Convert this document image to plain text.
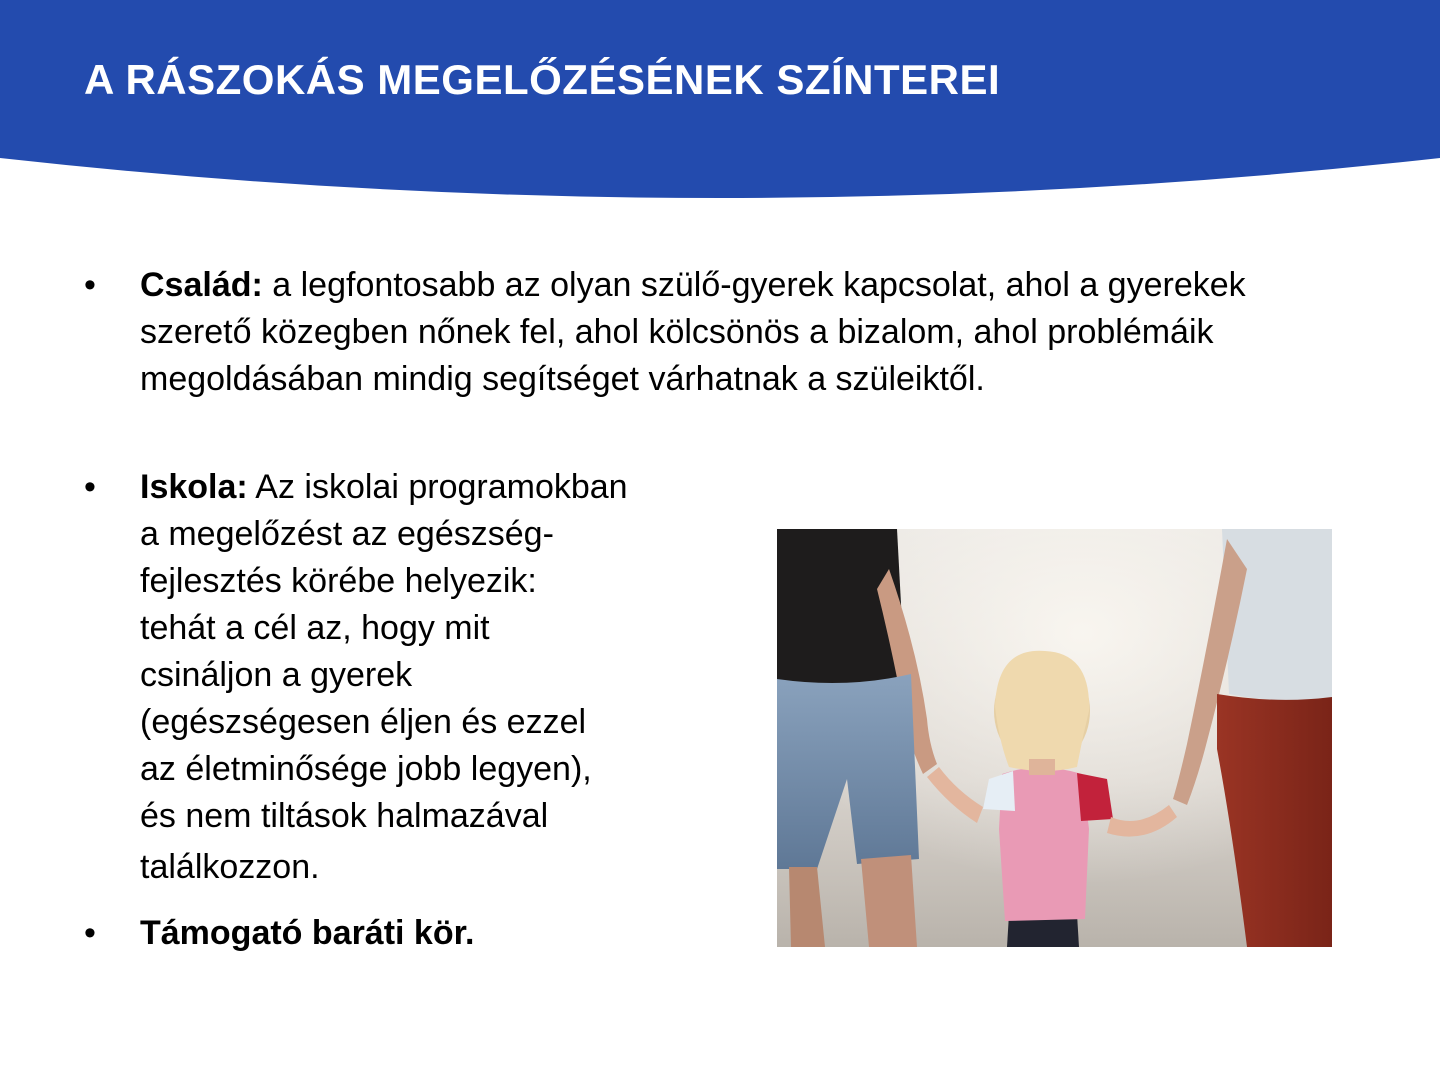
A RÁSZOKÁS MEGELŐZÉSÉNEK SZÍNTEREI
• Család: a legfontosabb az olyan szülő-gyerek kapcsolat, ahol a gyerekek szerető közegben nőnek fel, ahol kölcsönös a bizalom, ahol problémáik megoldásában mindig segítséget várhatnak a szüleiktől.
• Iskola: Az iskolai programokban
a megelőzést az egészség-
fejlesztés körébe helyezik:
tehát a cél az, hogy mit
csináljon a gyerek
(egészségesen éljen és ezzel
az életminősége jobb legyen),
és nem tiltások halmazával
találkozzon.
• Támogató baráti kör.
